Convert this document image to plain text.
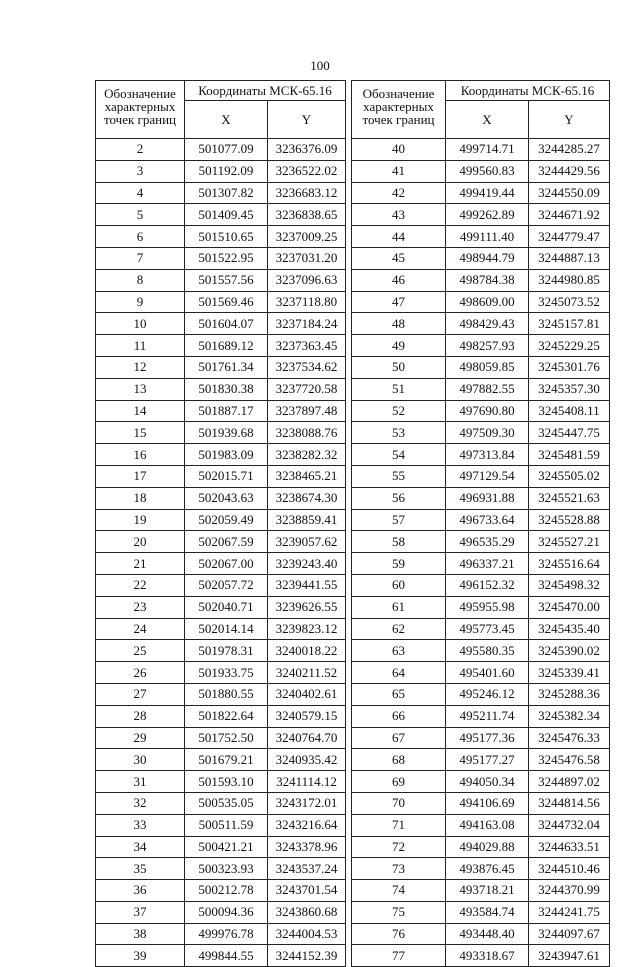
100
Обозначение характерных точек границ	Координаты МСК-65.16			Обозначение характерных точек границ	Координаты МСК-65.16	
	X	Y			X	Y
2	501077.09	3236376.09		40	499714.71	3244285.27
3	501192.09	3236522.02		41	499560.83	3244429.56
4	501307.82	3236683.12		42	499419.44	3244550.09
5	501409.45	3236838.65		43	499262.89	3244671.92
6	501510.65	3237009.25		44	499111.40	3244779.47
7	501522.95	3237031.20		45	498944.79	3244887.13
8	501557.56	3237096.63		46	498784.38	3244980.85
9	501569.46	3237118.80		47	498609.00	3245073.52
10	501604.07	3237184.24		48	498429.43	3245157.81
11	501689.12	3237363.45		49	498257.93	3245229.25
12	501761.34	3237534.62		50	498059.85	3245301.76
13	501830.38	3237720.58		51	497882.55	3245357.30
14	501887.17	3237897.48		52	497690.80	3245408.11
15	501939.68	3238088.76		53	497509.30	3245447.75
16	501983.09	3238282.32		54	497313.84	3245481.59
17	502015.71	3238465.21		55	497129.54	3245505.02
18	502043.63	3238674.30		56	496931.88	3245521.63
19	502059.49	3238859.41		57	496733.64	3245528.88
20	502067.59	3239057.62		58	496535.29	3245527.21
21	502067.00	3239243.40		59	496337.21	3245516.64
22	502057.72	3239441.55		60	496152.32	3245498.32
23	502040.71	3239626.55		61	495955.98	3245470.00
24	502014.14	3239823.12		62	495773.45	3245435.40
25	501978.31	3240018.22		63	495580.35	3245390.02
26	501933.75	3240211.52		64	495401.60	3245339.41
27	501880.55	3240402.61		65	495246.12	3245288.36
28	501822.64	3240579.15		66	495211.74	3245382.34
29	501752.50	3240764.70		67	495177.36	3245476.33
30	501679.21	3240935.42		68	495177.27	3245476.58
31	501593.10	3241114.12		69	494050.34	3244897.02
32	500535.05	3243172.01		70	494106.69	3244814.56
33	500511.59	3243216.64		71	494163.08	3244732.04
34	500421.21	3243378.96		72	494029.88	3244633.51
35	500323.93	3243537.24		73	493876.45	3244510.46
36	500212.78	3243701.54		74	493718.21	3244370.99
37	500094.36	3243860.68		75	493584.74	3244241.75
38	499976.78	3244004.53		76	493448.40	3244097.67
39	499844.55	3244152.39		77	493318.67	3243947.61
